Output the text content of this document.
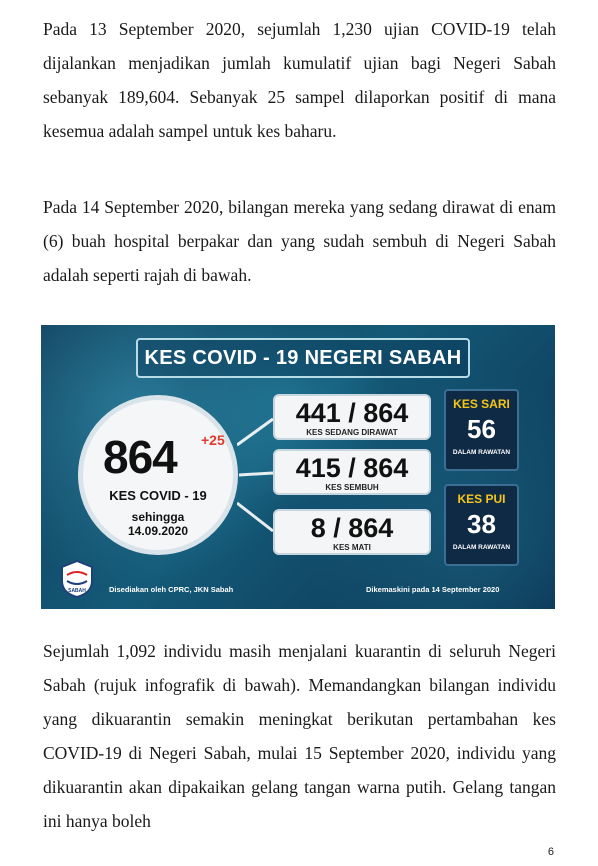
Pada 13 September 2020, sejumlah 1,230 ujian COVID-19 telah dijalankan menjadikan jumlah kumulatif ujian bagi Negeri Sabah sebanyak 189,604. Sebanyak 25 sampel dilaporkan positif di mana kesemua adalah sampel untuk kes baharu.

Pada 14 September 2020, bilangan mereka yang sedang dirawat di enam (6) buah hospital berpakar dan yang sudah sembuh di Negeri Sabah adalah seperti rajah di bawah.

KES COVID - 19 NEGERI SABAH
864 +25
KES COVID - 19
sehingga
14.09.2020
441 / 864
KES SEDANG DIRAWAT
415 / 864
KES SEMBUH
8 / 864
KES MATI
KES SARI
56
DALAM RAWATAN
KES PUI
38
DALAM RAWATAN
SABAH	Disediakan oleh CPRC, JKN Sabah	Dikemaskini pada 14 September 2020

Sejumlah 1,092 individu masih menjalani kuarantin di seluruh Negeri Sabah (rujuk infografik di bawah). Memandangkan bilangan individu yang dikuarantin semakin meningkat berikutan pertambahan kes COVID-19 di Negeri Sabah, mulai 15 September 2020, individu yang dikuarantin akan dipakaikan gelang tangan warna putih. Gelang tangan ini hanya boleh

6
